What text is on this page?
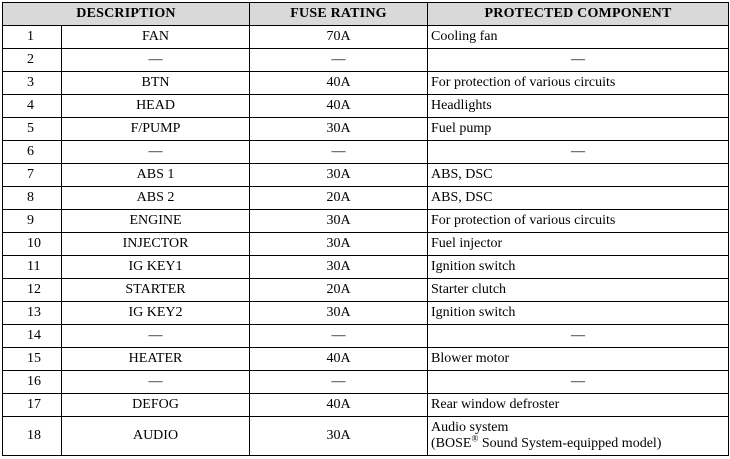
DESCRIPTION		FUSE RATING	PROTECTED COMPONENT
1	FAN	70A	Cooling fan
2	—	—	—
3	BTN	40A	For protection of various circuits
4	HEAD	40A	Headlights
5	F/PUMP	30A	Fuel pump
6	—	—	—
7	ABS 1	30A	ABS, DSC
8	ABS 2	20A	ABS, DSC
9	ENGINE	30A	For protection of various circuits
10	INJECTOR	30A	Fuel injector
11	IG KEY1	30A	Ignition switch
12	STARTER	20A	Starter clutch
13	IG KEY2	30A	Ignition switch
14	—	—	—
15	HEATER	40A	Blower motor
16	—	—	—
17	DEFOG	40A	Rear window defroster
18	AUDIO	30A	Audio system
(BOSE® Sound System-equipped model)
